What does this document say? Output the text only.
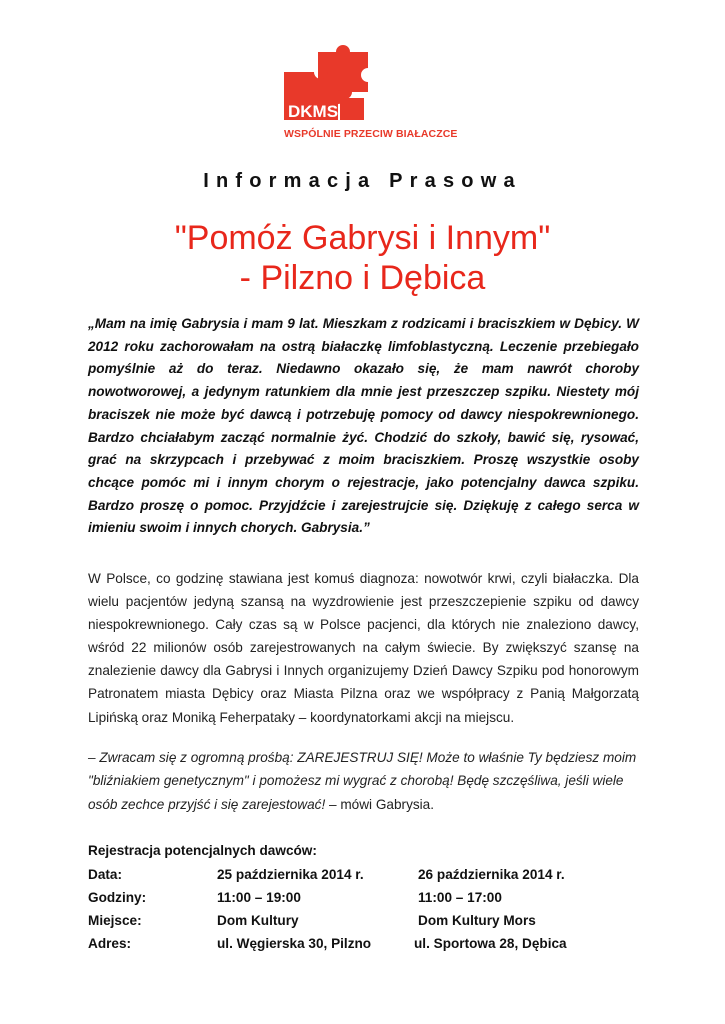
DKMS
WSPÓLNIE PRZECIW BIAŁACZCE
Informacja Prasowa
"Pomóż Gabrysi i Innym"
- Pilzno i Dębica
„Mam na imię Gabrysia i mam 9 lat. Mieszkam z rodzicami i braciszkiem w Dębicy. W 2012 roku zachorowałam na ostrą białaczkę limfoblastyczną. Leczenie przebiegało pomyślnie aż do teraz. Niedawno okazało się, że mam nawrót choroby nowotworowej, a jedynym ratunkiem dla mnie jest przeszczep szpiku. Niestety mój braciszek nie może być dawcą i potrzebuję pomocy od dawcy niespokrewnionego. Bardzo chciałabym zacząć normalnie żyć. Chodzić do szkoły, bawić się, rysować, grać na skrzypcach i przebywać z moim braciszkiem. Proszę wszystkie osoby chcące pomóc mi i innym chorym o rejestracje, jako potencjalny dawca szpiku. Bardzo proszę o pomoc. Przyjdźcie i zarejestrujcie się. Dziękuję z całego serca w imieniu swoim i innych chorych. Gabrysia.”
W Polsce, co godzinę stawiana jest komuś diagnoza: nowotwór krwi, czyli białaczka. Dla wielu pacjentów jedyną szansą na wyzdrowienie jest przeszczepienie szpiku od dawcy niespokrewnionego. Cały czas są w Polsce pacjenci, dla których nie znaleziono dawcy, wśród 22 milionów osób zarejestrowanych na całym świecie. By zwiększyć szansę na znalezienie dawcy dla Gabrysi i Innych organizujemy Dzień Dawcy Szpiku pod honorowym Patronatem miasta Dębicy oraz Miasta Pilzna oraz we współpracy z Panią Małgorzatą Lipińską oraz Moniką Feherpataky – koordynatorkami akcji na miejscu.
– Zwracam się z ogromną prośbą: ZAREJESTRUJ SIĘ! Może to właśnie Ty będziesz moim "bliźniakiem genetycznym" i pomożesz mi wygrać z chorobą! Będę szczęśliwa, jeśli wiele osób zechce przyjść i się zarejestować! – mówi Gabrysia.
Rejestracja potencjalnych dawców:
Data:	25 października 2014 r.	26 października 2014 r.
Godziny:	11:00 – 19:00	11:00 – 17:00
Miejsce:	Dom Kultury	Dom Kultury Mors
Adres:	ul. Węgierska 30, Pilzno	ul. Sportowa 28, Dębica
